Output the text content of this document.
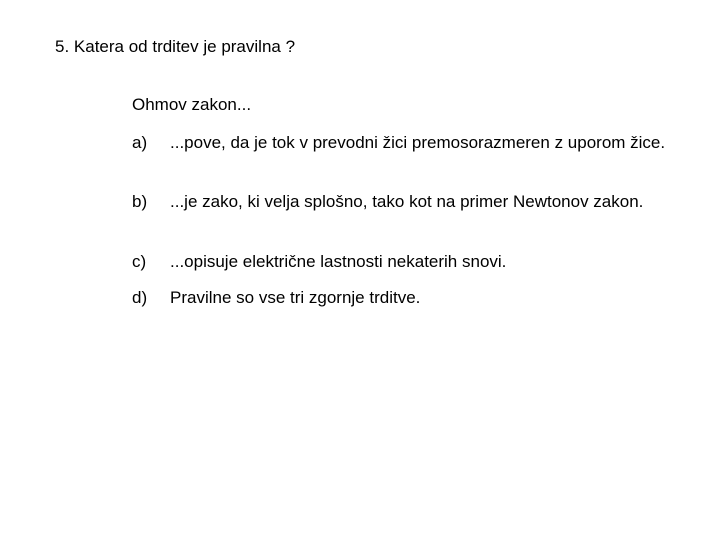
5. Katera od trditev je pravilna ?
Ohmov zakon...
a) ...pove, da je tok v prevodni žici premosorazmeren z uporom žice.
b) ...je zako, ki velja splošno, tako kot na primer Newtonov zakon.
c) ...opisuje električne lastnosti nekaterih snovi.
d) Pravilne so vse tri zgornje trditve.
